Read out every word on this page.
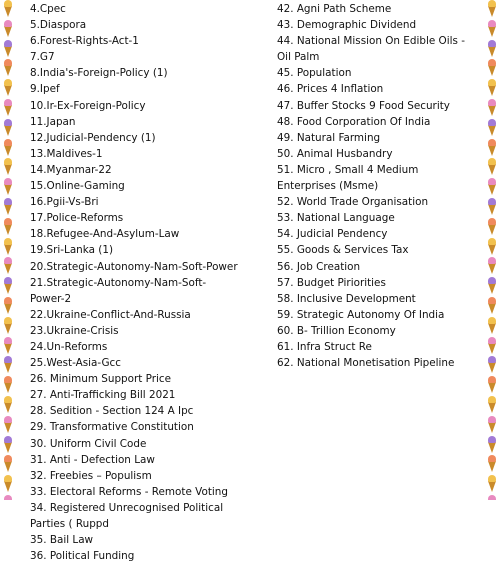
4.Cpec
5.Diaspora
6.Forest-Rights-Act-1
7.G7
8.India's-Foreign-Policy (1)
9.Ipef
10.Ir-Ex-Foreign-Policy
11.Japan
12.Judicial-Pendency (1)
13.Maldives-1
14.Myanmar-22
15.Online-Gaming
16.Pgii-Vs-Bri
17.Police-Reforms
18.Refugee-And-Asylum-Law
19.Sri-Lanka (1)
20.Strategic-Autonomy-Nam-Soft-Power
21.Strategic-Autonomy-Nam-Soft-
Power-2
22.Ukraine-Conflict-And-Russia
23.Ukraine-Crisis
24.Un-Reforms
25.West-Asia-Gcc
26. Minimum Support Price
27. Anti-Trafficking Bill 2021
28. Sedition - Section 124 A Ipc
29. Transformative Constitution
30. Uniform Civil Code
31. Anti - Defection Law
32. Freebies – Populism
33. Electoral Reforms - Remote Voting
34. Registered Unrecognised Political
Parties ( Ruppd
35. Bail Law
36. Political Funding
42. Agni Path Scheme
43. Demographic Dividend
44. National Mission On Edible Oils - Oil Palm
45. Population
46. Prices 4 Inflation
47. Buffer Stocks 9 Food Security
48. Food Corporation Of India
49. Natural Farming
50. Animal Husbandry
51. Micro , Small 4 Medium Enterprises (Msme)
52. World Trade Organisation
53. National Language
54. Judicial Pendency
55. Goods & Services Tax
56. Job Creation
57. Budget Piriorities
58. Inclusive Development
59. Strategic Autonomy Of India
60. B- Trillion Economy
61. Infra Struct Re
62. National Monetisation Pipeline
